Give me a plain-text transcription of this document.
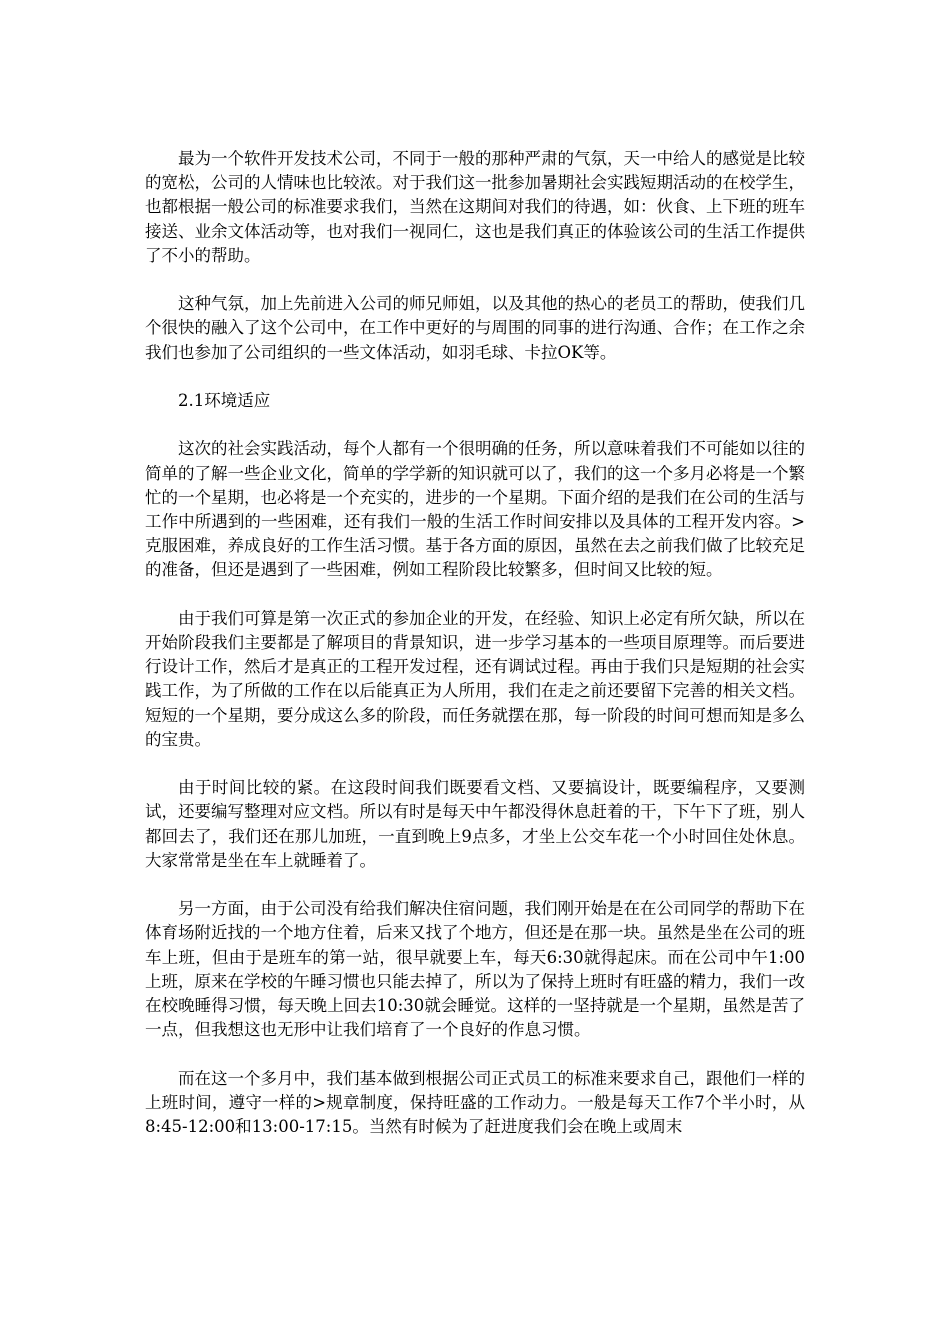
最为一个软件开发技术公司，不同于一般的那种严肃的气氛，天一中给人的感觉是比较的宽松，公司的人情味也比较浓。对于我们这一批参加暑期社会实践短期活动的在校学生，也都根据一般公司的标准要求我们，当然在这期间对我们的待遇，如：伙食、上下班的班车接送、业余文体活动等，也对我们一视同仁，这也是我们真正的体验该公司的生活工作提供了不小的帮助。

这种气氛，加上先前进入公司的师兄师姐，以及其他的热心的老员工的帮助，使我们几个很快的融入了这个公司中，在工作中更好的与周围的同事的进行沟通、合作；在工作之余我们也参加了公司组织的一些文体活动，如羽毛球、卡拉OK等。

2.1环境适应

这次的社会实践活动，每个人都有一个很明确的任务，所以意味着我们不可能如以往的简单的了解一些企业文化，简单的学学新的知识就可以了，我们的这一个多月必将是一个繁忙的一个星期，也必将是一个充实的，进步的一个星期。下面介绍的是我们在公司的生活与工作中所遇到的一些困难，还有我们一般的生活工作时间安排以及具体的工程开发内容。>克服困难，养成良好的工作生活习惯。基于各方面的原因，虽然在去之前我们做了比较充足的准备，但还是遇到了一些困难，例如工程阶段比较繁多，但时间又比较的短。

由于我们可算是第一次正式的参加企业的开发，在经验、知识上必定有所欠缺，所以在开始阶段我们主要都是了解项目的背景知识，进一步学习基本的一些项目原理等。而后要进行设计工作，然后才是真正的工程开发过程，还有调试过程。再由于我们只是短期的社会实践工作，为了所做的工作在以后能真正为人所用，我们在走之前还要留下完善的相关文档。短短的一个星期，要分成这么多的阶段，而任务就摆在那，每一阶段的时间可想而知是多么的宝贵。

由于时间比较的紧。在这段时间我们既要看文档、又要搞设计，既要编程序，又要测试，还要编写整理对应文档。所以有时是每天中午都没得休息赶着的干，下午下了班，别人都回去了，我们还在那儿加班，一直到晚上9点多，才坐上公交车花一个小时回住处休息。大家常常是坐在车上就睡着了。

另一方面，由于公司没有给我们解决住宿问题，我们刚开始是在在公司同学的帮助下在体育场附近找的一个地方住着，后来又找了个地方，但还是在那一块。虽然是坐在公司的班车上班，但由于是班车的第一站，很早就要上车，每天6:30就得起床。而在公司中午1:00上班，原来在学校的午睡习惯也只能去掉了，所以为了保持上班时有旺盛的精力，我们一改在校晚睡得习惯，每天晚上回去10:30就会睡觉。这样的一坚持就是一个星期，虽然是苦了一点，但我想这也无形中让我们培育了一个良好的作息习惯。

而在这一个多月中，我们基本做到根据公司正式员工的标准来要求自己，跟他们一样的上班时间，遵守一样的>规章制度，保持旺盛的工作动力。一般是每天工作7个半小时，从8:45-12:00和13:00-17:15。当然有时候为了赶进度我们会在晚上或周末
